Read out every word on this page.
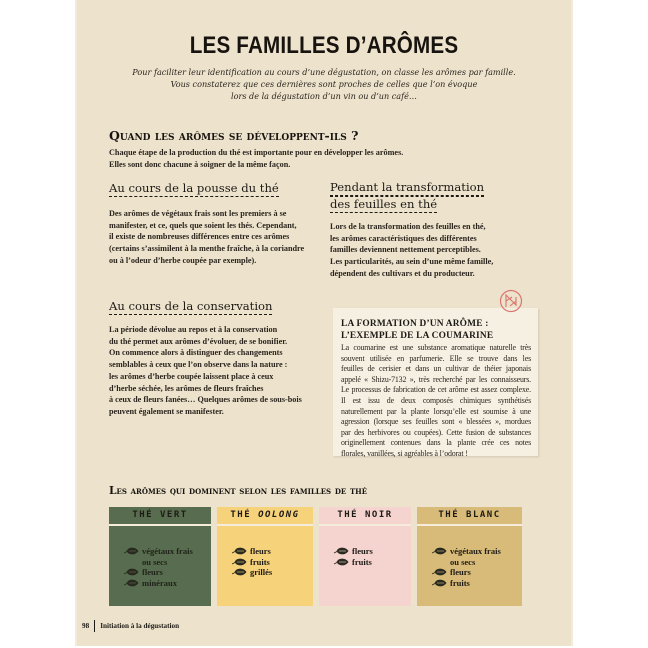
LES FAMILLES D’ARÔMES
Pour faciliter leur identification au cours d’une dégustation, on classe les arômes par famille.
Vous constaterez que ces dernières sont proches de celles que l’on évoque
lors de la dégustation d’un vin ou d’un café…
Quand les arômes se développent-ils ?
Chaque étape de la production du thé est importante pour en développer les arômes.
Elles sont donc chacune à soigner de la même façon.
Au cours de la pousse du thé
Des arômes de végétaux frais sont les premiers à se
manifester, et ce, quels que soient les thés. Cependant,
il existe de nombreuses différences entre ces arômes
(certains s’assimilent à la menthe fraîche, à la coriandre
ou à l’odeur d’herbe coupée par exemple).
Pendant la transformation
des feuilles en thé
Lors de la transformation des feuilles en thé,
les arômes caractéristiques des différentes
familles deviennent nettement perceptibles.
Les particularités, au sein d’une même famille,
dépendent des cultivars et du producteur.
Au cours de la conservation
La période dévolue au repos et à la conservation
du thé permet aux arômes d’évoluer, de se bonifier.
On commence alors à distinguer des changements
semblables à ceux que l’on observe dans la nature :
les arômes d’herbe coupée laissent place à ceux
d’herbe séchée, les arômes de fleurs fraîches
à ceux de fleurs fanées… Quelques arômes de sous-bois
peuvent également se manifester.
LA FORMATION D’UN ARÔME :
L’EXEMPLE DE LA COUMARINE
La coumarine est une substance aromatique naturelle très
souvent utilisée en parfumerie. Elle se trouve dans les
feuilles de cerisier et dans un cultivar de théier japonais
appelé « Shizu-7132 », très recherché par les connaisseurs.
Le processus de fabrication de cet arôme est assez complexe.
Il est issu de deux composés chimiques synthétisés
naturellement par la plante lorsqu’elle est soumise à une
agression (lorsque ses feuilles sont « blessées », mordues
par des herbivores ou coupées). Cette fusion de substances
originellement contenues dans la plante crée ces notes
florales, vanillées, si agréables à l’odorat !
Les arômes qui dominent selon les familles de thé
THÉ VERT
végétaux frais
ou secs
fleurs
minéraux
THÉ OOLONG
fleurs
fruits
grillés
THÉ NOIR
fleurs
fruits
THÉ BLANC
végétaux frais
ou secs
fleurs
fruits
98 Initiation à la dégustation
